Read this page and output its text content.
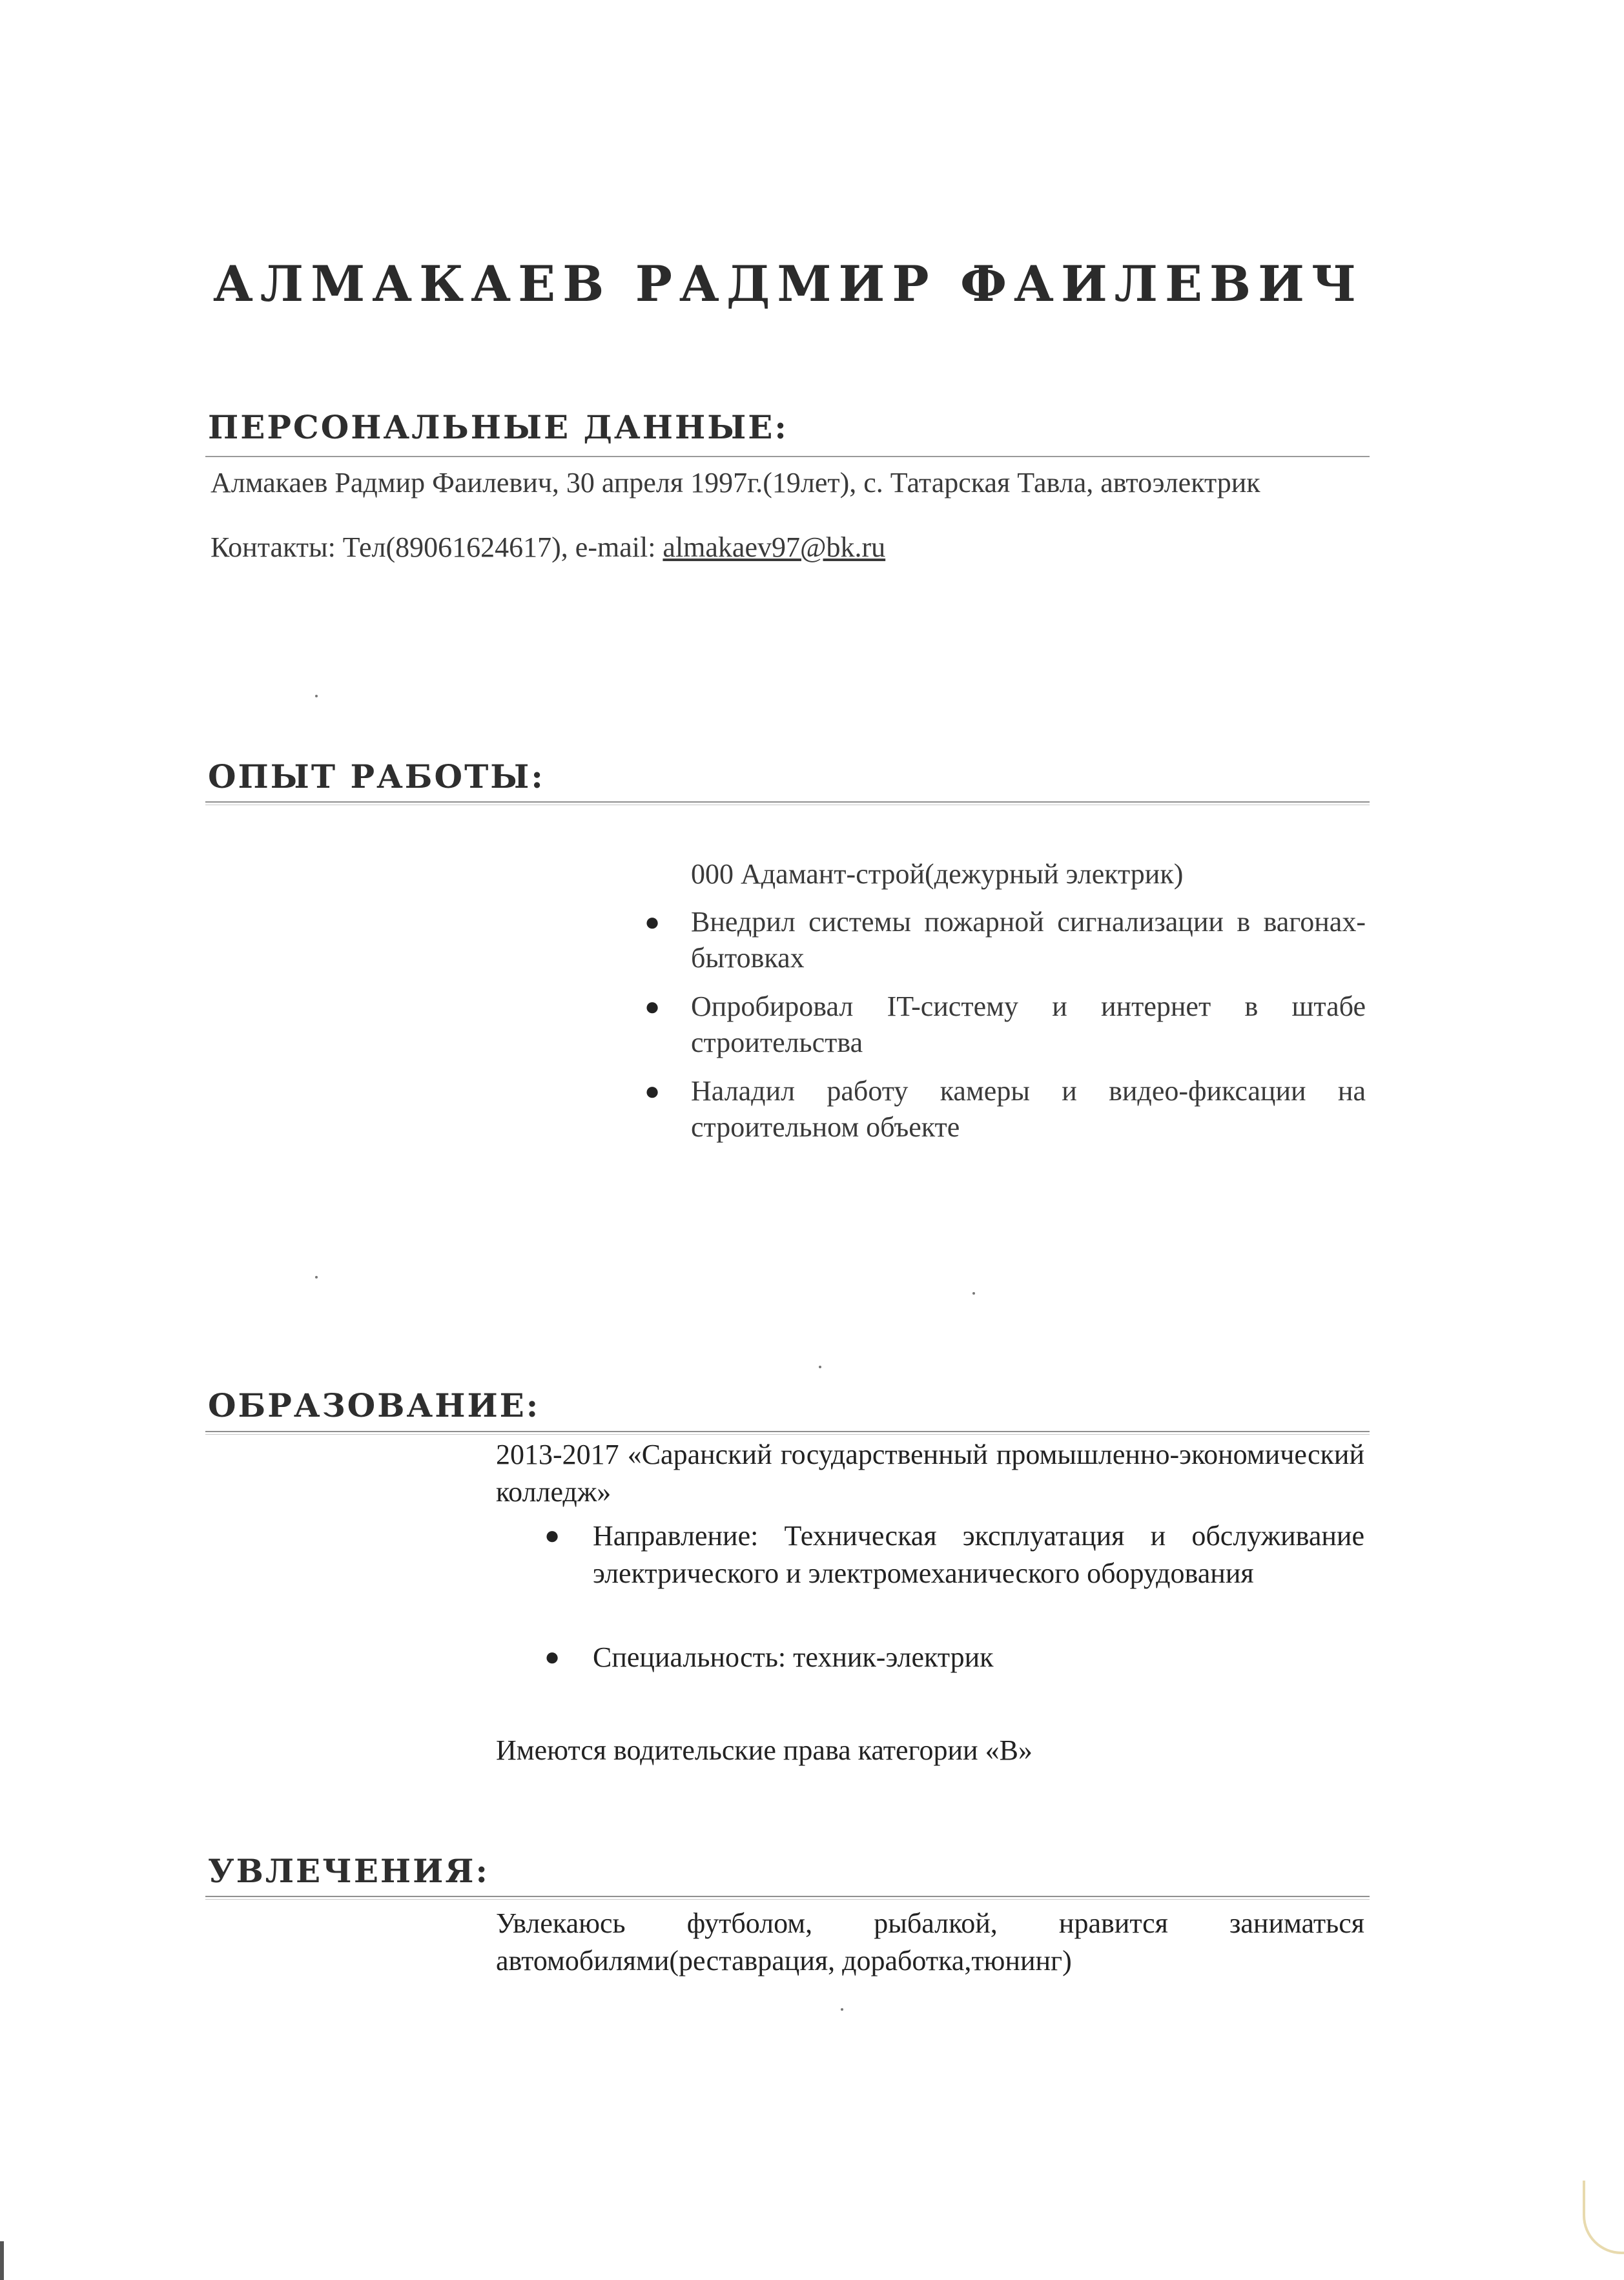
АЛМАКАЕВ РАДМИР ФАИЛЕВИЧ
ПЕРСОНАЛЬНЫЕ ДАННЫЕ:
Алмакаев Радмир Фаилевич, 30 апреля 1997г.(19лет), с. Татарская Тавла, автоэлектрик
Контакты: Тел(89061624617), e-mail: almakaev97@bk.ru
ОПЫТ РАБОТЫ:
000 Адамант-строй(дежурный электрик)
● Внедрил системы пожарной сигнализации в вагонах-бытовках
● Опробировал IT-систему и интернет в штабе строительства
● Наладил работу камеры и видео-фиксации на строительном объекте
ОБРАЗОВАНИЕ:
2013-2017 «Саранский государственный промышленно-экономический колледж»
● Направление: Техническая эксплуатация и обслуживание электрического и электромеханического оборудования
● Специальность: техник-электрик
Имеются водительские права категории «В»
УВЛЕЧЕНИЯ:
Увлекаюсь футболом, рыбалкой, нравится заниматься автомобилями(реставрация, доработка,тюнинг)
